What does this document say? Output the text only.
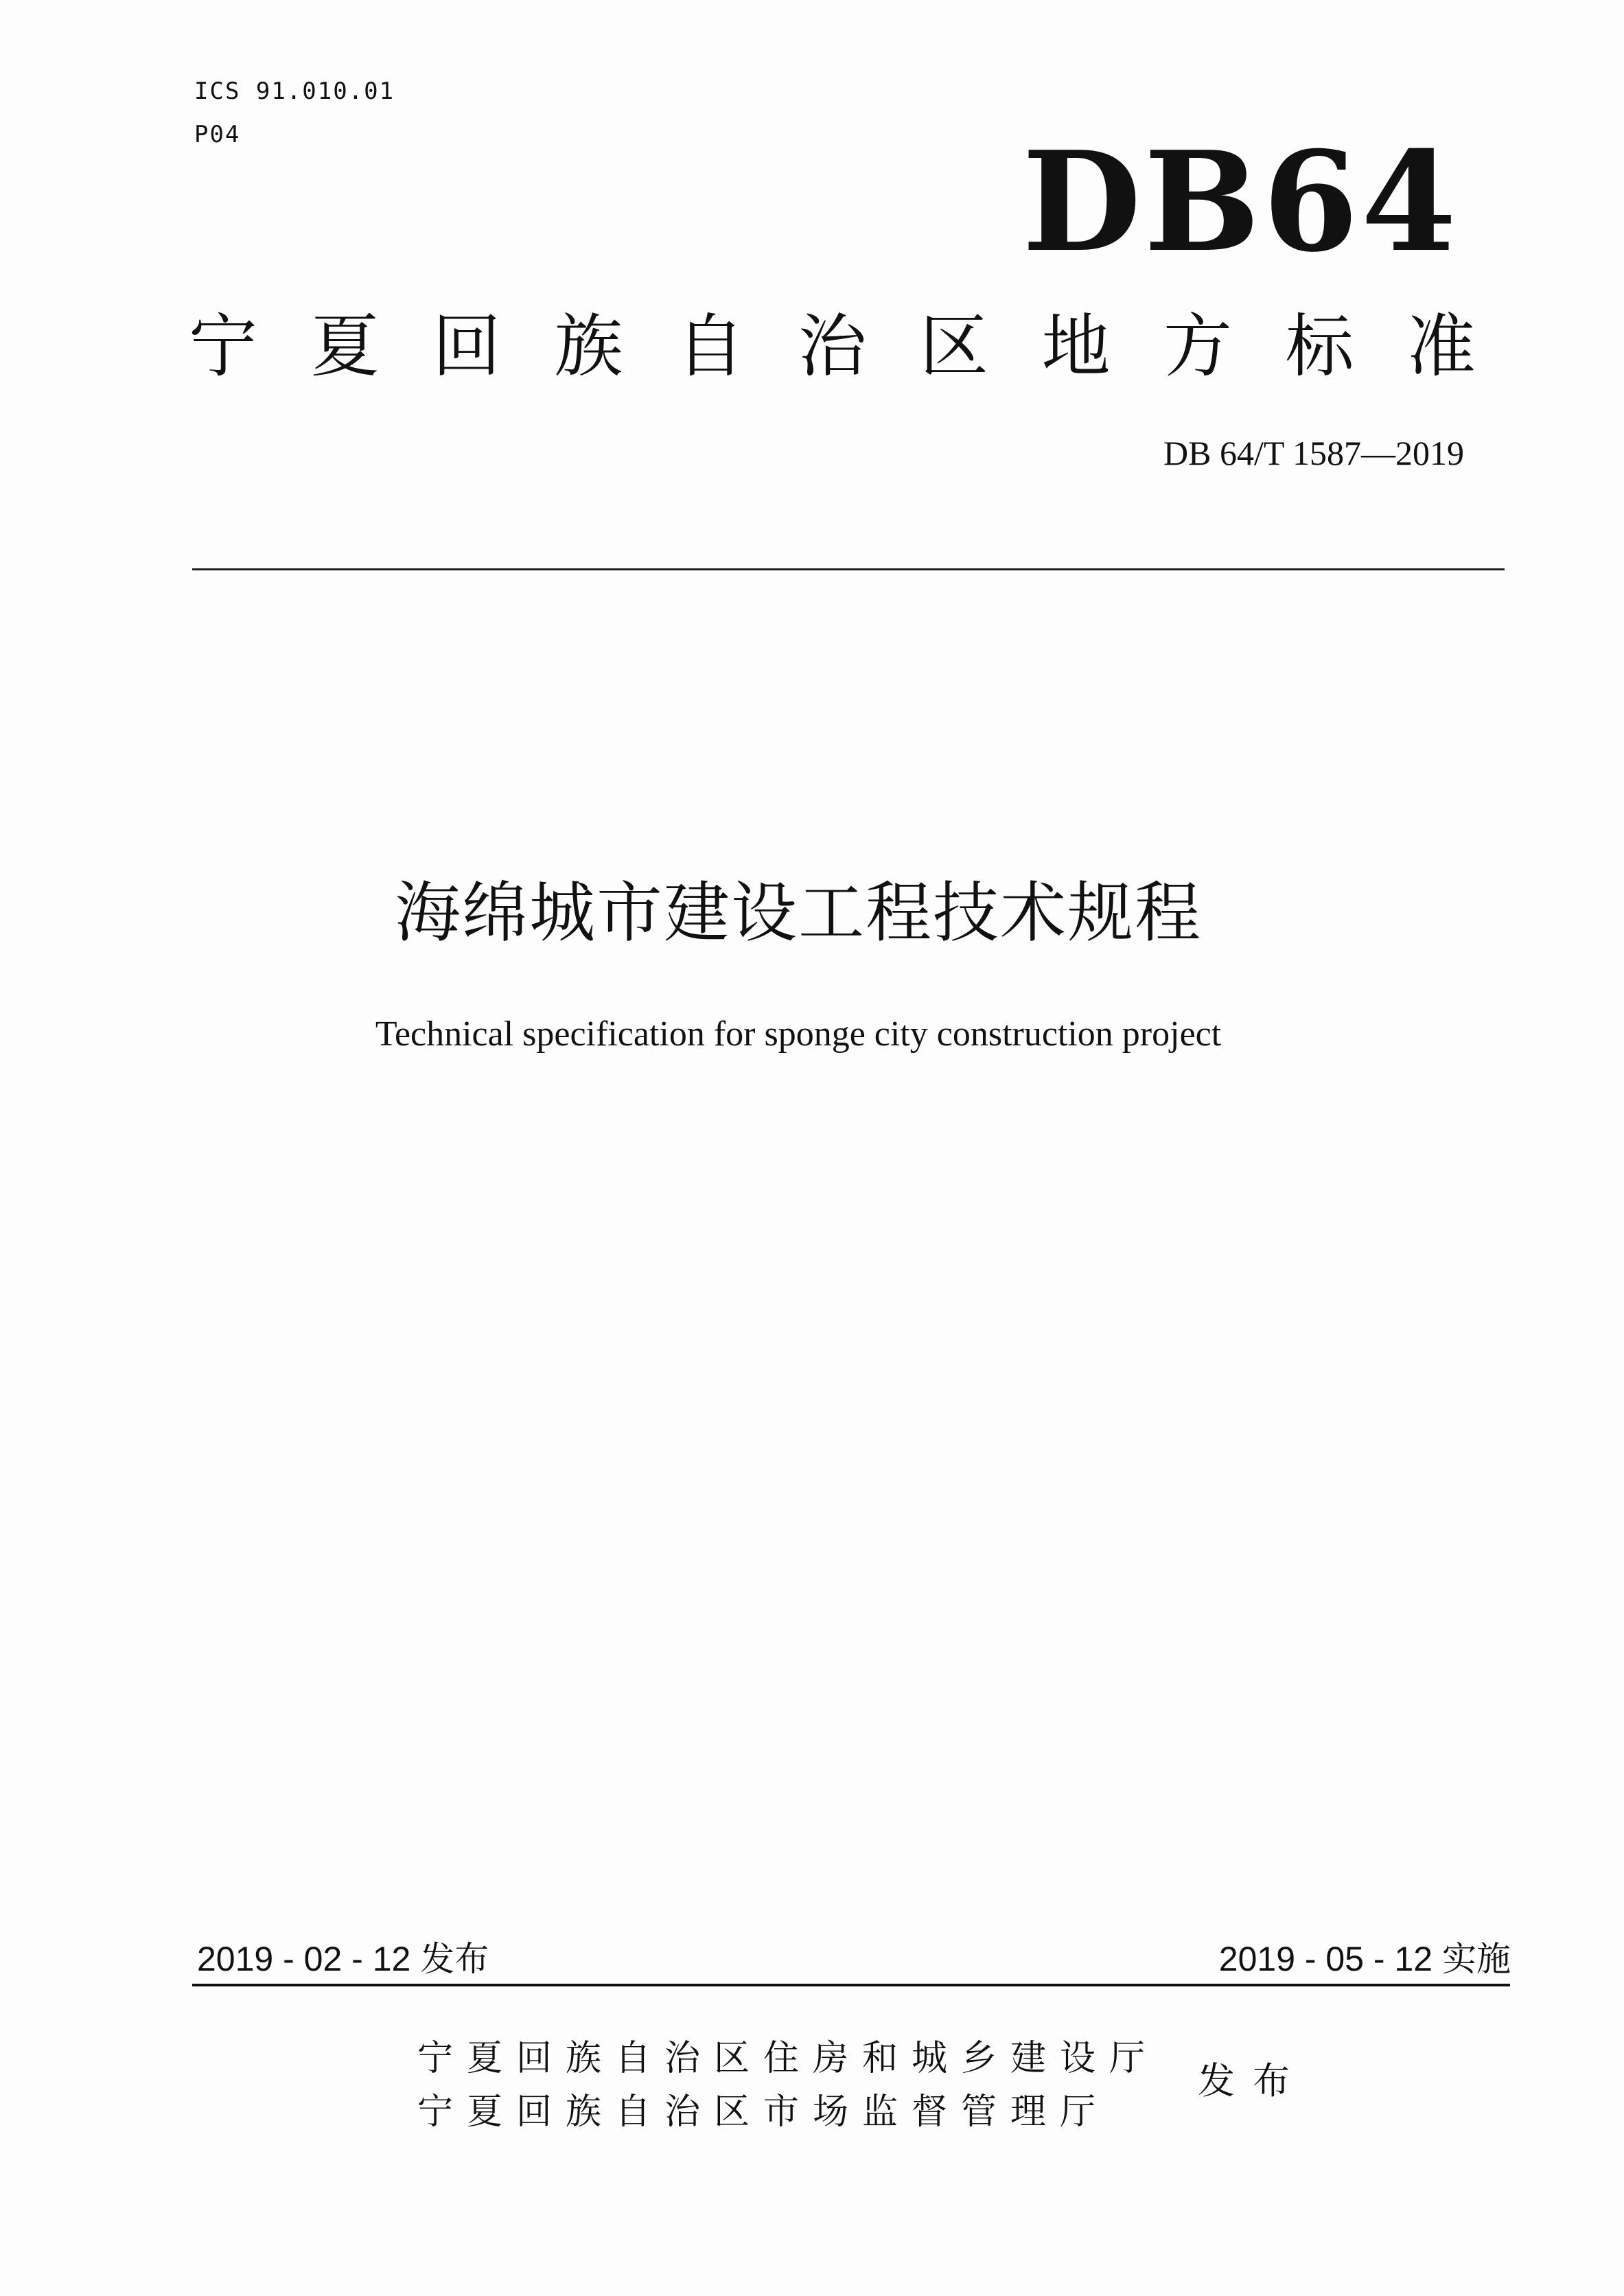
ICS 91.010.01
P04	DB64
宁 夏 回 族 自 治 区 地 方 标 准
DB 64/T 1587—2019
海绵城市建设工程技术规程
Technical specification for sponge city construction project
2019 - 02 - 12 发布	2019 - 05 - 12 实施
宁夏回族自治区住房和城乡建设厅
宁夏回族自治区市场监督管理厅
发布
